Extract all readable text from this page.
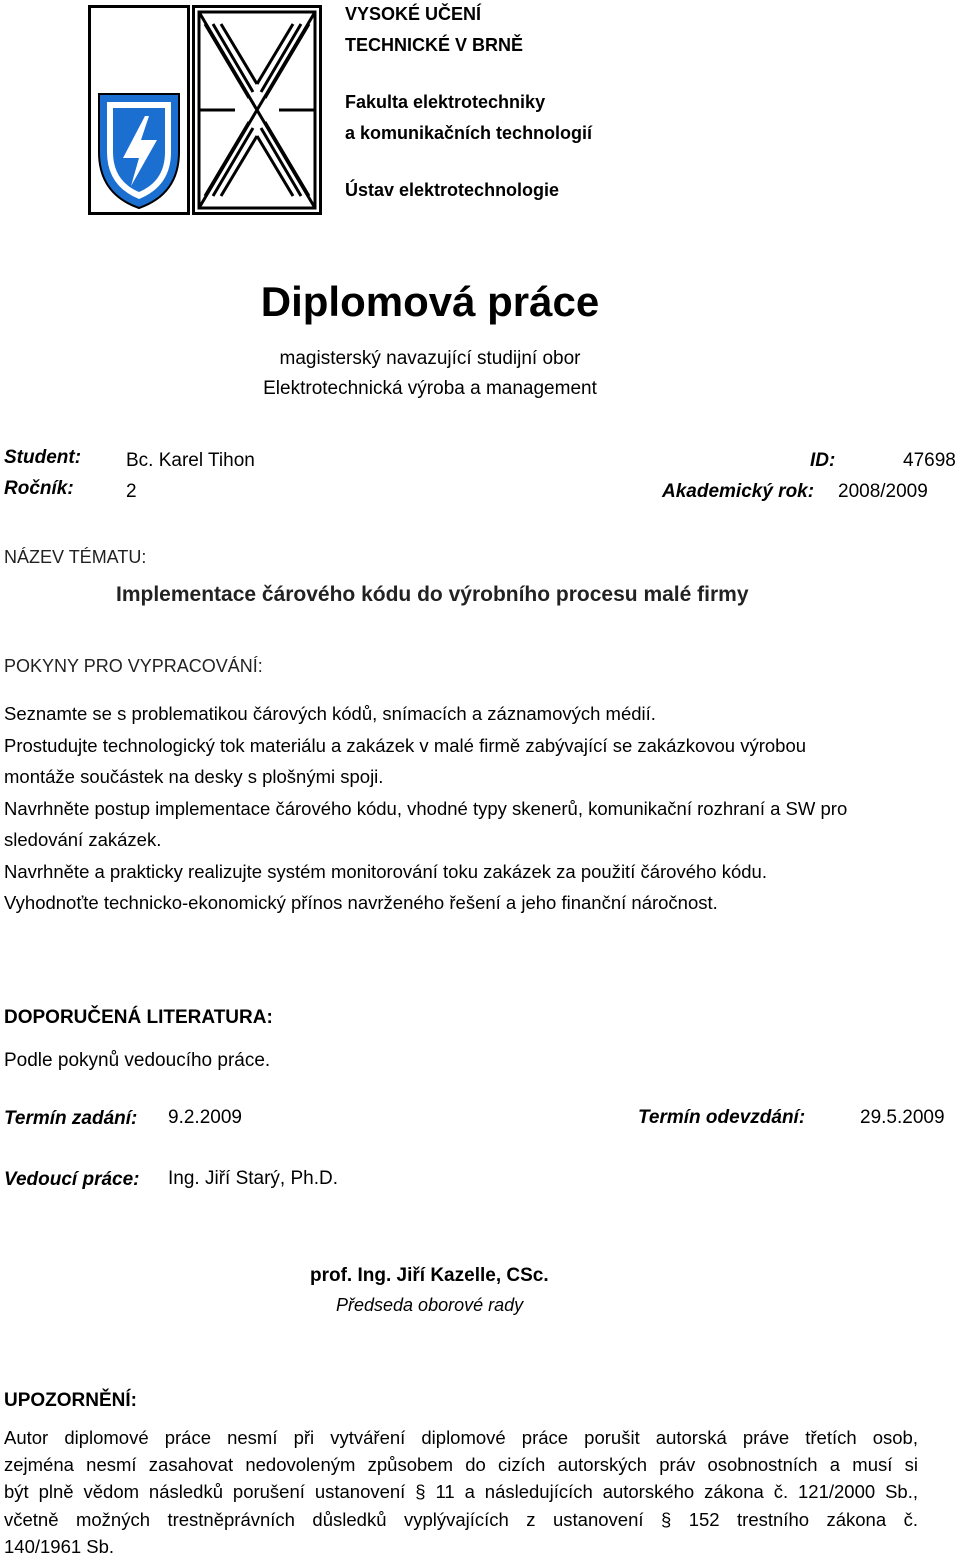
VYSOKÉ UČENÍ
TECHNICKÉ V BRNĚ
Fakulta elektrotechniky
a komunikačních technologií
Ústav elektrotechnologie
Diplomová práce
magisterský navazující studijní obor
Elektrotechnická výroba a management
Student: Bc. Karel Tihon	ID:	47698
Ročník:	2	Akademický rok: 2008/2009
NÁZEV TÉMATU:
Implementace čárového kódu do výrobního procesu malé firmy
POKYNY PRO VYPRACOVÁNÍ:
Seznamte se s problematikou čárových kódů, snímacích a záznamových médií.
Prostudujte technologický tok materiálu a zakázek v malé firmě zabývající se zakázkovou výrobou
montáže součástek na desky s plošnými spoji.
Navrhněte postup implementace čárového kódu, vhodné typy skenerů, komunikační rozhraní a SW pro
sledování zakázek.
Navrhněte a prakticky realizujte systém monitorování toku zakázek za použití čárového kódu.
Vyhodnoťte technicko-ekonomický přínos navrženého řešení a jeho finanční náročnost.
DOPORUČENÁ LITERATURA:
Podle pokynů vedoucího práce.
Termín zadání: 9.2.2009	Termín odevzdání:	29.5.2009
Vedoucí práce: Ing. Jiří Starý, Ph.D.
prof. Ing. Jiří Kazelle, CSc.
Předseda oborové rady
UPOZORNĚNÍ:
Autor diplomové práce nesmí při vytváření diplomové práce porušit autorská práve třetích osob,
zejména nesmí zasahovat nedovoleným způsobem do cizích autorských práv osobnostních a musí si
být plně vědom následků porušení ustanovení § 11 a následujících autorského zákona č. 121/2000 Sb.,
včetně možných trestněprávních důsledků vyplývajících z ustanovení § 152 trestního zákona č.
140/1961 Sb.
